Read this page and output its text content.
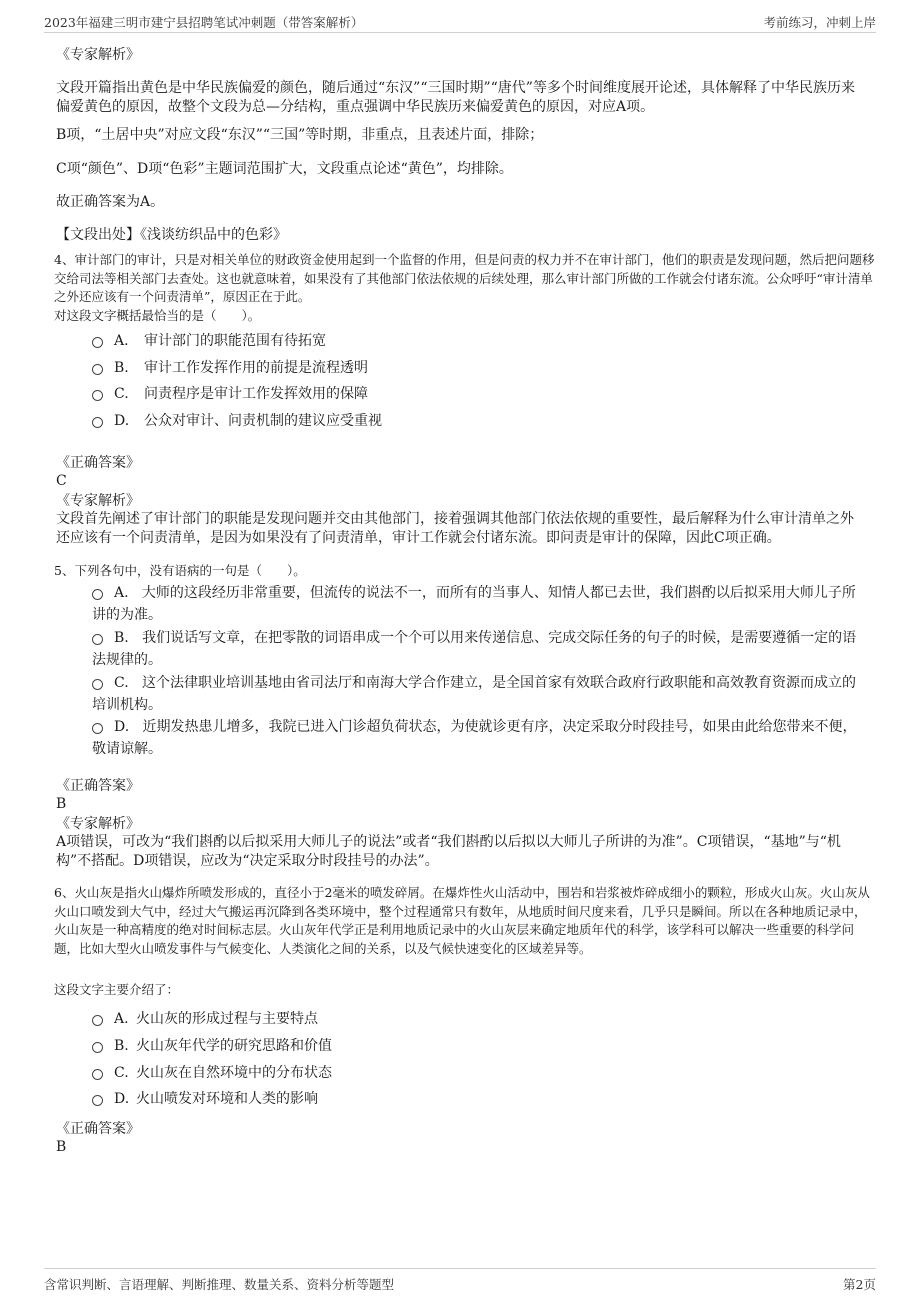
2023年福建三明市建宁县招聘笔试冲刺题（带答案解析）	考前练习，冲刺上岸

《专家解析》

文段开篇指出黄色是中华民族偏爱的颜色，随后通过“东汉”“三国时期”“唐代”等多个时间维度展开论述，具体解释了中华民族历来偏爱黄色的原因，故整个文段为总—分结构，重点强调中华民族历来偏爱黄色的原因，对应A项。

B项，“土居中央”对应文段“东汉”“三国”等时期，非重点，且表述片面，排除；

C项“颜色”、D项“色彩”主题词范围扩大，文段重点论述“黄色”，均排除。

故正确答案为A。

【文段出处】《浅谈纺织品中的色彩》

4、审计部门的审计，只是对相关单位的财政资金使用起到一个监督的作用，但是问责的权力并不在审计部门，他们的职责是发现问题，然后把问题移交给司法等相关部门去查处。这也就意味着，如果没有了其他部门依法依规的后续处理，那么审计部门所做的工作就会付诸东流。公众呼吁“审计清单之外还应该有一个问责清单”，原因正在于此。

对这段文字概括最恰当的是（　　）。

A. 审计部门的职能范围有待拓宽
B. 审计工作发挥作用的前提是流程透明
C. 问责程序是审计工作发挥效用的保障
D. 公众对审计、问责机制的建议应受重视

《正确答案》

C

《专家解析》

文段首先阐述了审计部门的职能是发现问题并交由其他部门，接着强调其他部门依法依规的重要性，最后解释为什么审计清单之外还应该有一个问责清单，是因为如果没有了问责清单，审计工作就会付诸东流。即问责是审计的保障，因此C项正确。

5、下列各句中，没有语病的一句是（　　）。

A. 大师的这段经历非常重要，但流传的说法不一，而所有的当事人、知情人都已去世，我们斟酌以后拟采用大师儿子所讲的为准。
B. 我们说话写文章，在把零散的词语串成一个个可以用来传递信息、完成交际任务的句子的时候，是需要遵循一定的语法规律的。
C. 这个法律职业培训基地由省司法厅和南海大学合作建立，是全国首家有效联合政府行政职能和高效教育资源而成立的培训机构。
D. 近期发热患儿增多，我院已进入门诊超负荷状态，为使就诊更有序，决定采取分时段挂号，如果由此给您带来不便，敬请谅解。

《正确答案》

B

《专家解析》

A项错误，可改为“我们斟酌以后拟采用大师儿子的说法”或者“我们斟酌以后拟以大师儿子所讲的为准”。C项错误，“基地”与“机构”不搭配。D项错误，应改为“决定采取分时段挂号的办法”。

6、火山灰是指火山爆炸所喷发形成的，直径小于2毫米的喷发碎屑。在爆炸性火山活动中，围岩和岩浆被炸碎成细小的颗粒，形成火山灰。火山灰从火山口喷发到大气中，经过大气搬运再沉降到各类环境中，整个过程通常只有数年，从地质时间尺度来看，几乎只是瞬间。所以在各种地质记录中，火山灰是一种高精度的绝对时间标志层。火山灰年代学正是利用地质记录中的火山灰层来确定地质年代的科学，该学科可以解决一些重要的科学问题，比如大型火山喷发事件与气候变化、人类演化之间的关系，以及气候快速变化的区域差异等。

这段文字主要介绍了：

A. 火山灰的形成过程与主要特点
B. 火山灰年代学的研究思路和价值
C. 火山灰在自然环境中的分布状态
D. 火山喷发对环境和人类的影响

《正确答案》

B

含常识判断、言语理解、判断推理、数量关系、资料分析等题型	第2页
